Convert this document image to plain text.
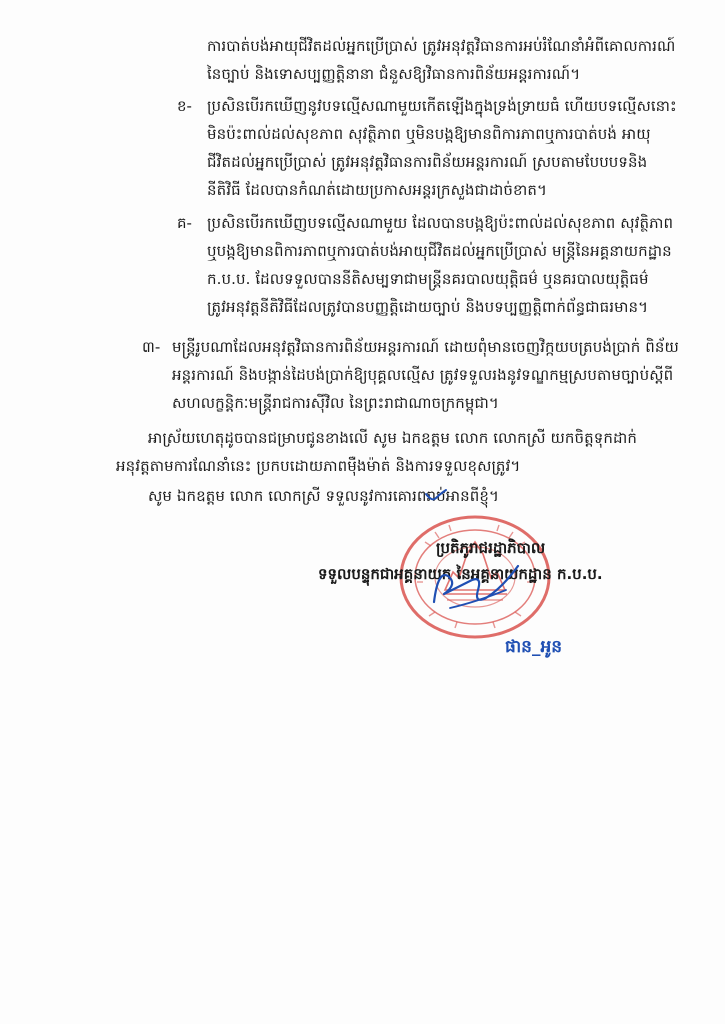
ការបាត់បង់អាយុជីវិតដល់អ្នកប្រើប្រាស់ ត្រូវអនុវត្តវិធានការអប់រំណែនាំអំពីគោលការណ៍
នៃច្បាប់ និងទោសប្បញ្ញត្តិនានា ជំនួសឱ្យវិធានការពិន័យអន្តរការណ៍។
ខ- ប្រសិនបើរកឃើញនូវបទល្មើសណាមួយកើតឡើងក្នុងទ្រង់ទ្រាយធំ ហើយបទល្មើសនោះ
មិនប៉ះពាល់ដល់សុខភាព សុវត្ថិភាព ឬមិនបង្កឱ្យមានពិការភាពឬការបាត់បង់ អាយុ
ជីវិតដល់អ្នកប្រើប្រាស់ ត្រូវអនុវត្តវិធានការពិន័យអន្តរការណ៍ ស្របតាមបែបបទនិង
នីតិវិធី ដែលបានកំណត់ដោយប្រកាសអន្តរក្រសួងជាដាច់ខាត។
គ- ប្រសិនបើរកឃើញបទល្មើសណាមួយ ដែលបានបង្កឱ្យប៉ះពាល់ដល់សុខភាព សុវត្ថិភាព
ឬបង្កឱ្យមានពិការភាពឬការបាត់បង់អាយុជីវិតដល់អ្នកប្រើប្រាស់ មន្ត្រីនៃអគ្គនាយកដ្ឋាន
ក.ប.ប. ដែលទទួលបាននីតិសម្បទាជាមន្ត្រីនគរបាលយុត្តិធម៌ ឬនគរបាលយុត្តិធម៌
ត្រូវអនុវត្តនីតិវិធីដែលត្រូវបានបញ្ញត្តិដោយច្បាប់ និងបទប្បញ្ញត្តិពាក់ព័ន្ធជាធរមាន។
៣- មន្ត្រីរូបណាដែលអនុវត្តវិធានការពិន័យអន្តរការណ៍ ដោយពុំមានចេញវិក្កយបត្របង់ប្រាក់ ពិន័យ
អន្តរការណ៍ និងបង្កាន់ដៃបង់ប្រាក់ឱ្យបុគ្គលល្មើស ត្រូវទទួលរងនូវទណ្ឌកម្មស្របតាមច្បាប់ស្តីពី
សហលក្ខន្តិកៈមន្ត្រីរាជការស៊ីវិល នៃព្រះរាជាណាចក្រកម្ពុជា។
អាស្រ័យហេតុដូចបានជម្រាបជូនខាងលើ សូម ឯកឧត្តម លោក លោកស្រី យកចិត្តទុកដាក់
អនុវត្តតាមការណែនាំនេះ ប្រកបដោយភាពម៉ឺងម៉ាត់ និងការទទួលខុសត្រូវ។
សូម ឯកឧត្តម លោក លោកស្រី ទទួលនូវការគោរពរាប់អានពីខ្ញុំ។
ប្រតិភូរាជរដ្ឋាភិបាល
ទទួលបន្ទុកជាអគ្គនាយក នៃអគ្គនាយកដ្ឋាន ក.ប.ប.
ផាន_អូន
